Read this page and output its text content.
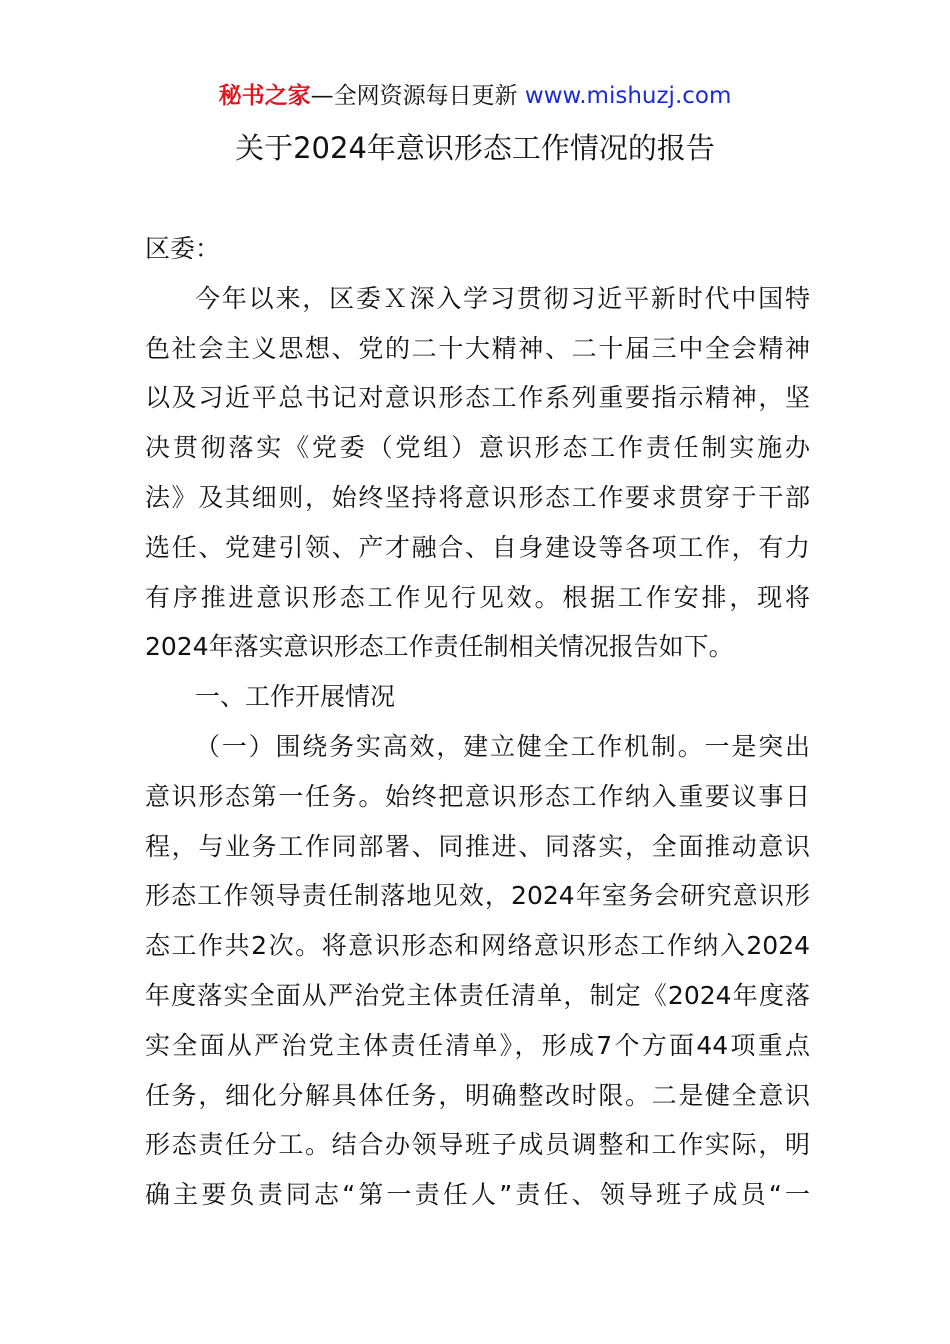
秘书之家—全网资源每日更新 www.mishuzj.com
关于2024年意识形态工作情况的报告
区委：
今年以来，区委Ｘ深入学习贯彻习近平新时代中国特
色社会主义思想、党的二十大精神、二十届三中全会精神
以及习近平总书记对意识形态工作系列重要指示精神，坚
决贯彻落实《党委（党组）意识形态工作责任制实施办
法》及其细则，始终坚持将意识形态工作要求贯穿于干部
选任、党建引领、产才融合、自身建设等各项工作，有力
有序推进意识形态工作见行见效。根据工作安排，现将
2024年落实意识形态工作责任制相关情况报告如下。
一、工作开展情况
（一）围绕务实高效，建立健全工作机制。一是突出
意识形态第一任务。始终把意识形态工作纳入重要议事日
程，与业务工作同部署、同推进、同落实，全面推动意识
形态工作领导责任制落地见效，2024年室务会研究意识形
态工作共2次。将意识形态和网络意识形态工作纳入2024
年度落实全面从严治党主体责任清单，制定《2024年度落
实全面从严治党主体责任清单》，形成7个方面44项重点
任务，细化分解具体任务，明确整改时限。二是健全意识
形态责任分工。结合办领导班子成员调整和工作实际，明
确主要负责同志“第一责任人”责任、领导班子成员“一
